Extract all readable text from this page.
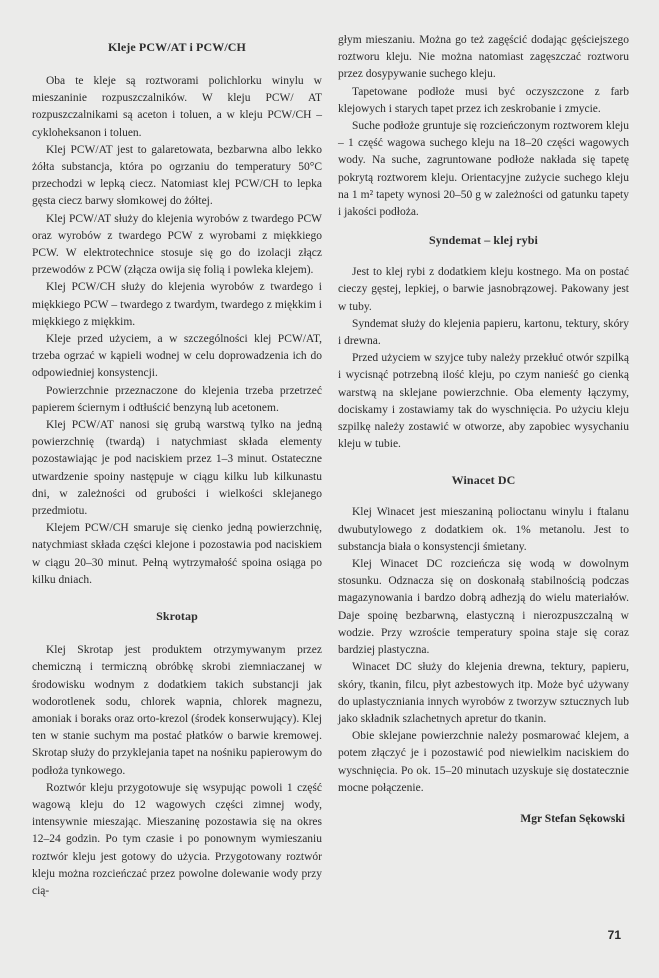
Kleje PCW/AT i PCW/CH

Oba te kleje są roztworami polichlorku winylu w mieszaninie rozpuszczalników. W kleju PCW/ AT rozpuszczalnikami są aceton i toluen, a w kleju PCW/CH – cykloheksanon i toluen.

Klej PCW/AT jest to galaretowata, bezbarwna albo lekko żółta substancja, która po ogrzaniu do temperatury 50°C przechodzi w lepką ciecz. Natomiast klej PCW/CH to lepka gęsta ciecz barwy słomkowej do żółtej.

Klej PCW/AT służy do klejenia wyrobów z twardego PCW oraz wyrobów z twardego PCW z wyrobami z miękkiego PCW. W elektrotechnice stosuje się go do izolacji złącz przewodów z PCW (złącza owija się folią i powleka klejem).

Klej PCW/CH służy do klejenia wyrobów z twardego i miękkiego PCW – twardego z twardym, twardego z miękkim i miękkiego z miękkim.

Kleje przed użyciem, a w szczególności klej PCW/AT, trzeba ogrzać w kąpieli wodnej w celu doprowadzenia ich do odpowiedniej konsystencji.

Powierzchnie przeznaczone do klejenia trzeba przetrzeć papierem ściernym i odtłuścić benzyną lub acetonem.

Klej PCW/AT nanosi się grubą warstwą tylko na jedną powierzchnię (twardą) i natychmiast składa elementy pozostawiając je pod naciskiem przez 1–3 minut. Ostateczne utwardzenie spoiny następuje w ciągu kilku lub kilkunastu dni, w zależności od grubości i wielkości sklejanego przedmiotu.

Klejem PCW/CH smaruje się cienko jedną powierzchnię, natychmiast składa części klejone i pozostawia pod naciskiem w ciągu 20–30 minut. Pełną wytrzymałość spoina osiąga po kilku dniach.

Skrotap

Klej Skrotap jest produktem otrzymywanym przez chemiczną i termiczną obróbkę skrobi ziemniaczanej w środowisku wodnym z dodatkiem takich substancji jak wodorotlenek sodu, chlorek wapnia, chlorek magnezu, amoniak i boraks oraz orto-krezol (środek konserwujący). Klej ten w stanie suchym ma postać płatków o barwie kremowej. Skrotap służy do przyklejania tapet na nośniku papierowym do podłoża tynkowego.

Roztwór kleju przygotowuje się wsypując powoli 1 część wagową kleju do 12 wagowych części zimnej wody, intensywnie mieszając. Mieszaninę pozostawia się na okres 12–24 godzin. Po tym czasie i po ponownym wymieszaniu roztwór kleju jest gotowy do użycia. Przygotowany roztwór kleju można rozcieńczać przez powolne dolewanie wody przy cią-

głym mieszaniu. Można go też zagęścić dodając gęściejszego roztworu kleju. Nie można natomiast zagęszczać roztworu przez dosypywanie suchego kleju.

Tapetowane podłoże musi być oczyszczone z farb klejowych i starych tapet przez ich zeskrobanie i zmycie.

Suche podłoże gruntuje się rozcieńczonym roztworem kleju – 1 część wagowa suchego kleju na 18–20 części wagowych wody. Na suche, zagruntowane podłoże nakłada się tapetę pokrytą roztworem kleju. Orientacyjne zużycie suchego kleju na 1 m² tapety wynosi 20–50 g w zależności od gatunku tapety i jakości podłoża.

Syndemat – klej rybi

Jest to klej rybi z dodatkiem kleju kostnego. Ma on postać cieczy gęstej, lepkiej, o barwie jasnobrązowej. Pakowany jest w tuby.

Syndemat służy do klejenia papieru, kartonu, tektury, skóry i drewna.

Przed użyciem w szyjce tuby należy przekłuć otwór szpilką i wycisnąć potrzebną ilość kleju, po czym nanieść go cienką warstwą na sklejane powierzchnie. Oba elementy łączymy, dociskamy i zostawiamy tak do wyschnięcia. Po użyciu kleju szpilkę należy zostawić w otworze, aby zapobiec wysychaniu kleju w tubie.

Winacet DC

Klej Winacet jest mieszaniną polioctanu winylu i ftalanu dwubutylowego z dodatkiem ok. 1% metanolu. Jest to substancja biała o konsystencji śmietany.

Klej Winacet DC rozcieńcza się wodą w dowolnym stosunku. Odznacza się on doskonałą stabilnością podczas magazynowania i bardzo dobrą adhezją do wielu materiałów. Daje spoinę bezbarwną, elastyczną i nierozpuszczalną w wodzie. Przy wzroście temperatury spoina staje się coraz bardziej plastyczna.

Winacet DC służy do klejenia drewna, tektury, papieru, skóry, tkanin, filcu, płyt azbestowych itp. Może być używany do uplastyczniania innych wyrobów z tworzyw sztucznych lub jako składnik szlachetnych apretur do tkanin.

Obie sklejane powierzchnie należy posmarować klejem, a potem złączyć je i pozostawić pod niewielkim naciskiem do wyschnięcia. Po ok. 15–20 minutach uzyskuje się dostatecznie mocne połączenie.

Mgr Stefan Sękowski
71
